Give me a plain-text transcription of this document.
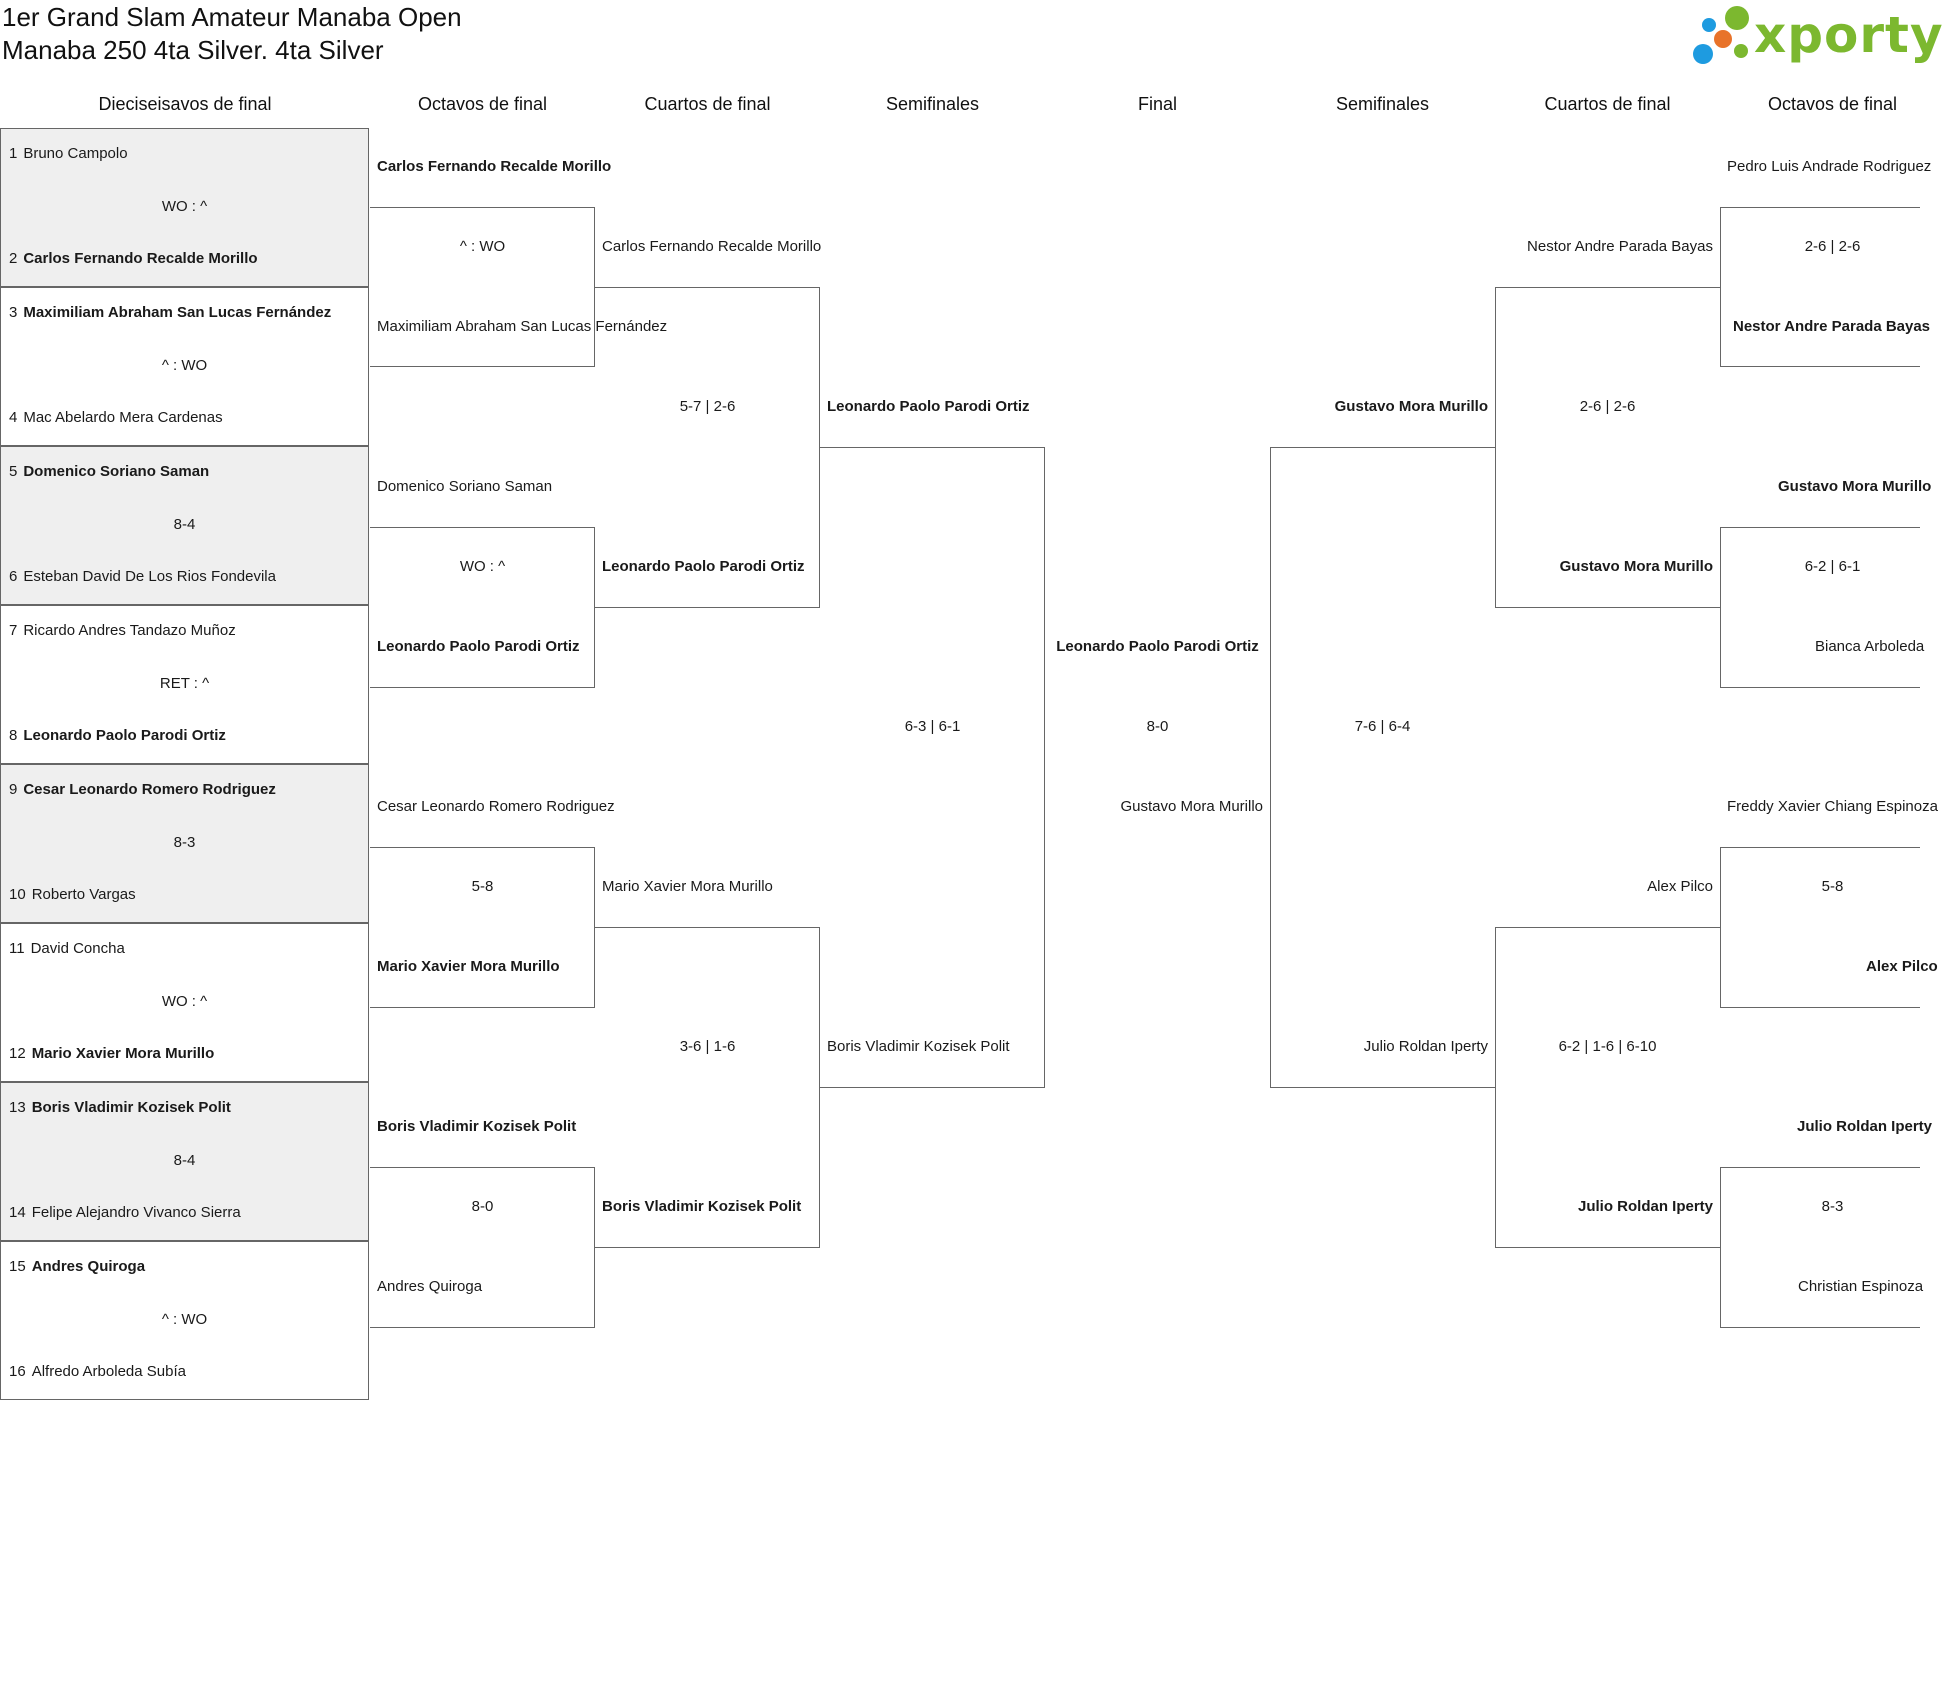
1er Grand Slam Amateur Manaba Open
Manaba 250 4ta Silver. 4ta Silver	xporty
Dieciseisavos de final	Octavos de final	Cuartos de final	Semifinales	Final	Semifinales	Cuartos de final	Octavos de final
1 Bruno Campolo
WO : ^
2 Carlos Fernando Recalde Morillo
3 Maximiliam Abraham San Lucas Fernández
^ : WO
4 Mac Abelardo Mera Cardenas
5 Domenico Soriano Saman
8-4
6 Esteban David De Los Rios Fondevila
7 Ricardo Andres Tandazo Muñoz
RET : ^
8 Leonardo Paolo Parodi Ortiz
9 Cesar Leonardo Romero Rodriguez
8-3
10 Roberto Vargas
11 David Concha
WO : ^
12 Mario Xavier Mora Murillo
13 Boris Vladimir Kozisek Polit
8-4
14 Felipe Alejandro Vivanco Sierra
15 Andres Quiroga
^ : WO
16 Alfredo Arboleda Subía
Carlos Fernando Recalde Morillo
^ : WO
Maximiliam Abraham San Lucas Fernández
Domenico Soriano Saman
WO : ^
Leonardo Paolo Parodi Ortiz
Cesar Leonardo Romero Rodriguez
5-8
Mario Xavier Mora Murillo
Boris Vladimir Kozisek Polit
8-0
Andres Quiroga
Carlos Fernando Recalde Morillo
5-7 | 2-6
Leonardo Paolo Parodi Ortiz
Mario Xavier Mora Murillo
3-6 | 1-6
Boris Vladimir Kozisek Polit
Leonardo Paolo Parodi Ortiz
6-3 | 6-1
Boris Vladimir Kozisek Polit
Leonardo Paolo Parodi Ortiz
8-0
Gustavo Mora Murillo
Gustavo Mora Murillo
7-6 | 6-4
Julio Roldan Iperty
Nestor Andre Parada Bayas
2-6 | 2-6
Gustavo Mora Murillo
Alex Pilco
6-2 | 1-6 | 6-10
Julio Roldan Iperty
Pedro Luis Andrade Rodriguez
2-6 | 2-6
Nestor Andre Parada Bayas
Gustavo Mora Murillo
6-2 | 6-1
Bianca Arboleda
Freddy Xavier Chiang Espinoza
5-8
Alex Pilco
Julio Roldan Iperty
8-3
Christian Espinoza
